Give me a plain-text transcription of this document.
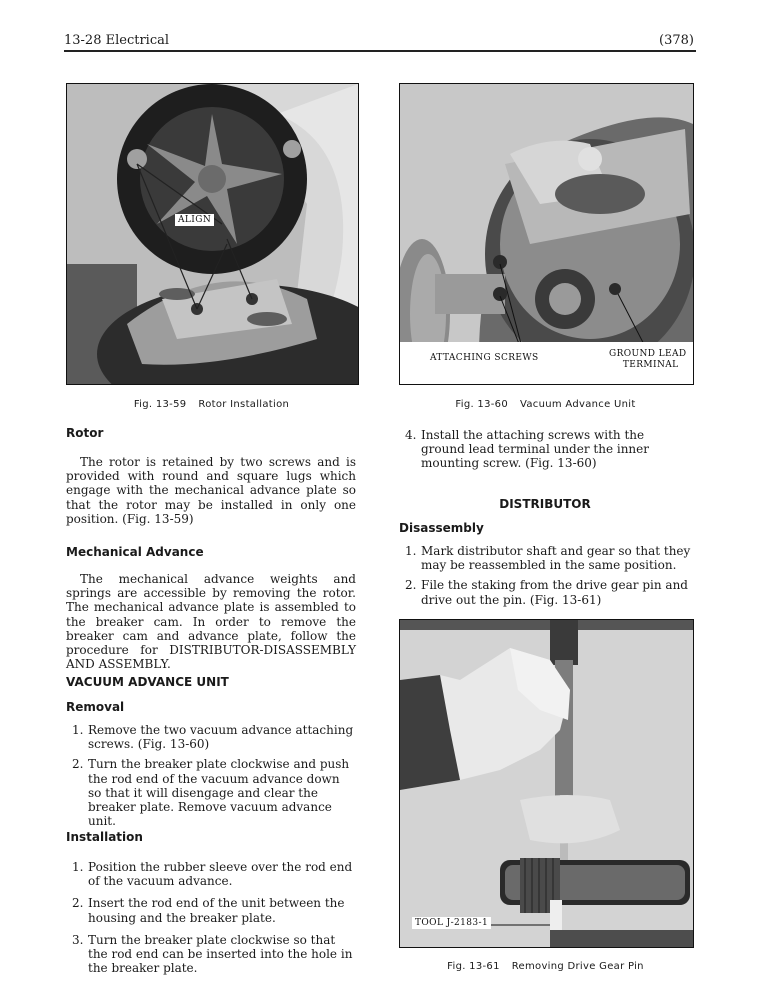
13-28 Electrical	(378)
ALIGN
Fig. 13-59 Rotor Installation
ATTACHING SCREWS	GROUND LEAD
TERMINAL
Fig. 13-60 Vacuum Advance Unit
Rotor
The rotor is retained by two screws and is provided with round and square lugs which engage with the mechanical advance plate so that the rotor may be installed in only one position. (Fig. 13-59)
Mechanical Advance
The mechanical advance weights and springs are accessible by removing the rotor. The mechanical advance plate is assembled to the breaker cam. In order to remove the breaker cam and advance plate, follow the procedure for DISTRIBUTOR-DISASSEMBLY AND ASSEMBLY.
VACUUM ADVANCE UNIT
Removal
1. Remove the two vacuum advance attaching screws. (Fig. 13-60)
2. Turn the breaker plate clockwise and push the rod end of the vacuum advance down so that it will disengage and clear the breaker plate. Remove vacuum advance unit.
Installation
1. Position the rubber sleeve over the rod end of the vacuum advance.
2. Insert the rod end of the unit between the housing and the breaker plate.
3. Turn the breaker plate clockwise so that the rod end can be inserted into the hole in the breaker plate.
4. Install the attaching screws with the ground lead terminal under the inner mounting screw. (Fig. 13-60)
DISTRIBUTOR
Disassembly
1. Mark distributor shaft and gear so that they may be reassembled in the same position.
2. File the staking from the drive gear pin and drive out the pin. (Fig. 13-61)
TOOL J-2183-1
Fig. 13-61 Removing Drive Gear Pin
